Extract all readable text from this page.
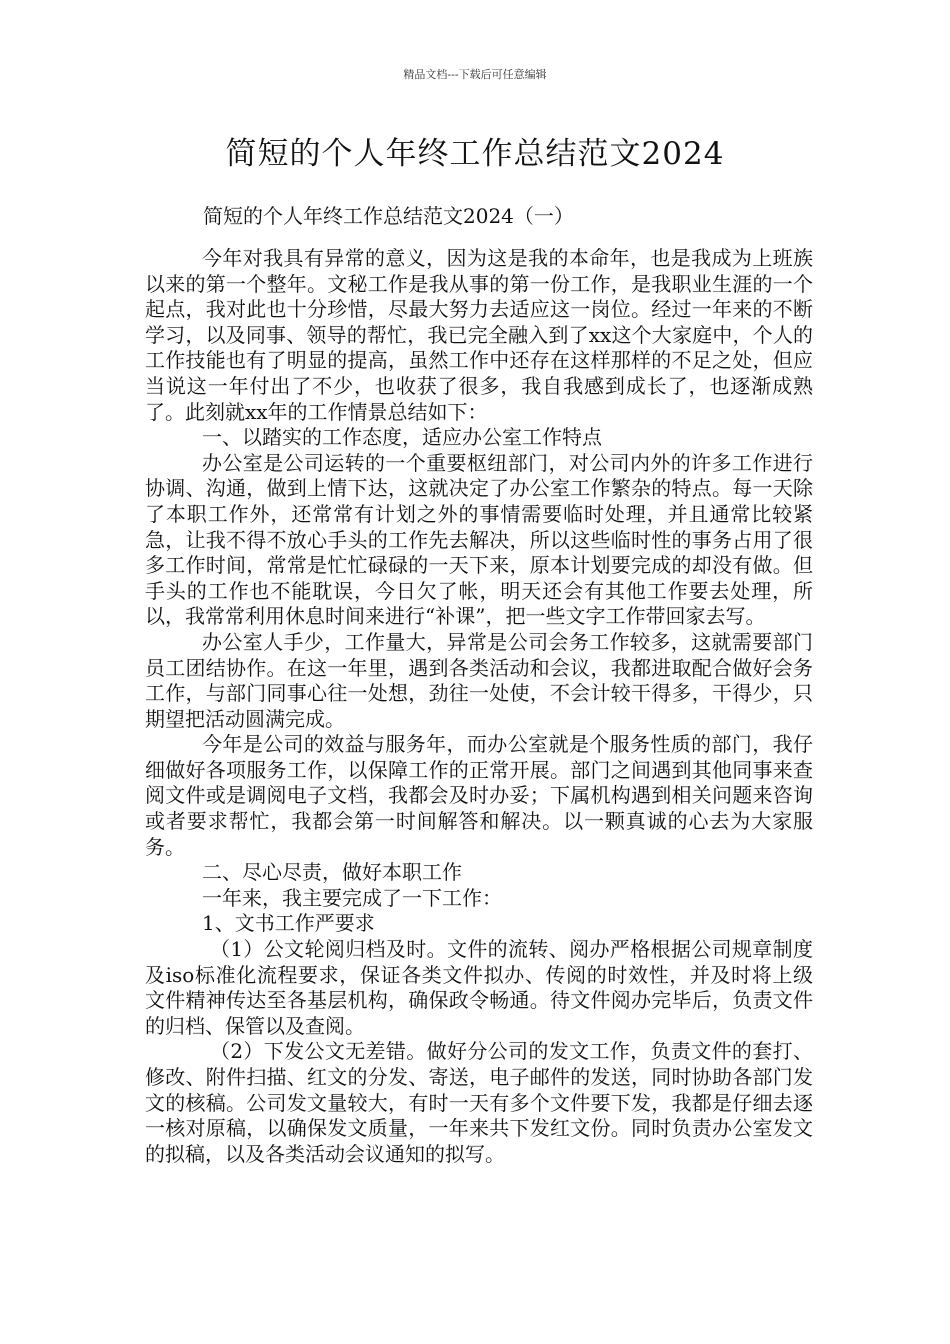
精品文档---下载后可任意编辑
简短的个人年终工作总结范文2024
简短的个人年终工作总结范文2024（一）

今年对我具有异常的意义，因为这是我的本命年，也是我成为上班族以来的第一个整年。文秘工作是我从事的第一份工作，是我职业生涯的一个起点，我对此也十分珍惜，尽最大努力去适应这一岗位。经过一年来的不断学习，以及同事、领导的帮忙，我已完全融入到了xx这个大家庭中，个人的工作技能也有了明显的提高，虽然工作中还存在这样那样的不足之处，但应当说这一年付出了不少，也收获了很多，我自我感到成长了，也逐渐成熟了。此刻就xx年的工作情景总结如下：

一、以踏实的工作态度，适应办公室工作特点

办公室是公司运转的一个重要枢纽部门，对公司内外的许多工作进行协调、沟通，做到上情下达，这就决定了办公室工作繁杂的特点。每一天除了本职工作外，还常常有计划之外的事情需要临时处理，并且通常比较紧急，让我不得不放心手头的工作先去解决，所以这些临时性的事务占用了很多工作时间，常常是忙忙碌碌的一天下来，原本计划要完成的却没有做。但手头的工作也不能耽误，今日欠了帐，明天还会有其他工作要去处理，所以，我常常利用休息时间来进行“补课”，把一些文字工作带回家去写。

办公室人手少，工作量大，异常是公司会务工作较多，这就需要部门员工团结协作。在这一年里，遇到各类活动和会议，我都进取配合做好会务工作，与部门同事心往一处想，劲往一处使，不会计较干得多，干得少，只期望把活动圆满完成。

今年是公司的效益与服务年，而办公室就是个服务性质的部门，我仔细做好各项服务工作，以保障工作的正常开展。部门之间遇到其他同事来查阅文件或是调阅电子文档，我都会及时办妥；下属机构遇到相关问题来咨询或者要求帮忙，我都会第一时间解答和解决。以一颗真诚的心去为大家服务。

二、尽心尽责，做好本职工作

一年来，我主要完成了一下工作：

1、文书工作严要求

（1）公文轮阅归档及时。文件的流转、阅办严格根据公司规章制度及iso标准化流程要求，保证各类文件拟办、传阅的时效性，并及时将上级文件精神传达至各基层机构，确保政令畅通。待文件阅办完毕后，负责文件的归档、保管以及查阅。

（2）下发公文无差错。做好分公司的发文工作，负责文件的套打、修改、附件扫描、红文的分发、寄送，电子邮件的发送，同时协助各部门发文的核稿。公司发文量较大，有时一天有多个文件要下发，我都是仔细去逐一核对原稿，以确保发文质量，一年来共下发红文份。同时负责办公室发文的拟稿，以及各类活动会议通知的拟写。
